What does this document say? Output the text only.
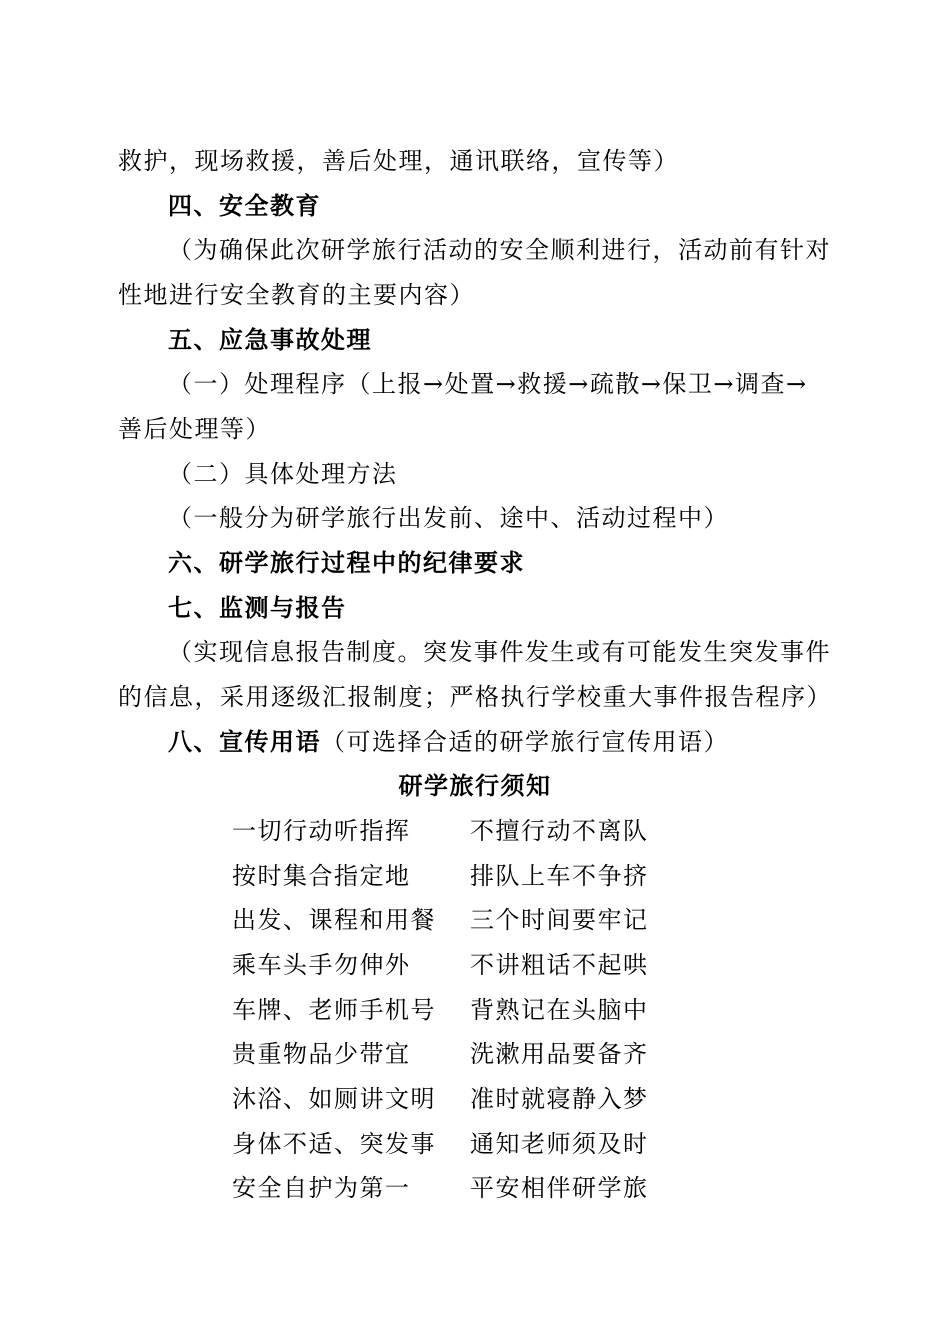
救护，现场救援，善后处理，通讯联络，宣传等）
四、安全教育
（为确保此次研学旅行活动的安全顺利进行，活动前有针对
性地进行安全教育的主要内容）
五、应急事故处理
（一）处理程序（上报→处置→救援→疏散→保卫→调查→
善后处理等）
（二）具体处理方法
（一般分为研学旅行出发前、途中、活动过程中）
六、研学旅行过程中的纪律要求
七、监测与报告
（实现信息报告制度。突发事件发生或有可能发生突发事件
的信息，采用逐级汇报制度；严格执行学校重大事件报告程序）
八、宣传用语（可选择合适的研学旅行宣传用语）
研学旅行须知
一切行动听指挥 不擅行动不离队
按时集合指定地 排队上车不争挤
出发、课程和用餐 三个时间要牢记
乘车头手勿伸外 不讲粗话不起哄
车牌、老师手机号 背熟记在头脑中
贵重物品少带宜 洗漱用品要备齐
沐浴、如厕讲文明 准时就寝静入梦
身体不适、突发事 通知老师须及时
安全自护为第一 平安相伴研学旅
